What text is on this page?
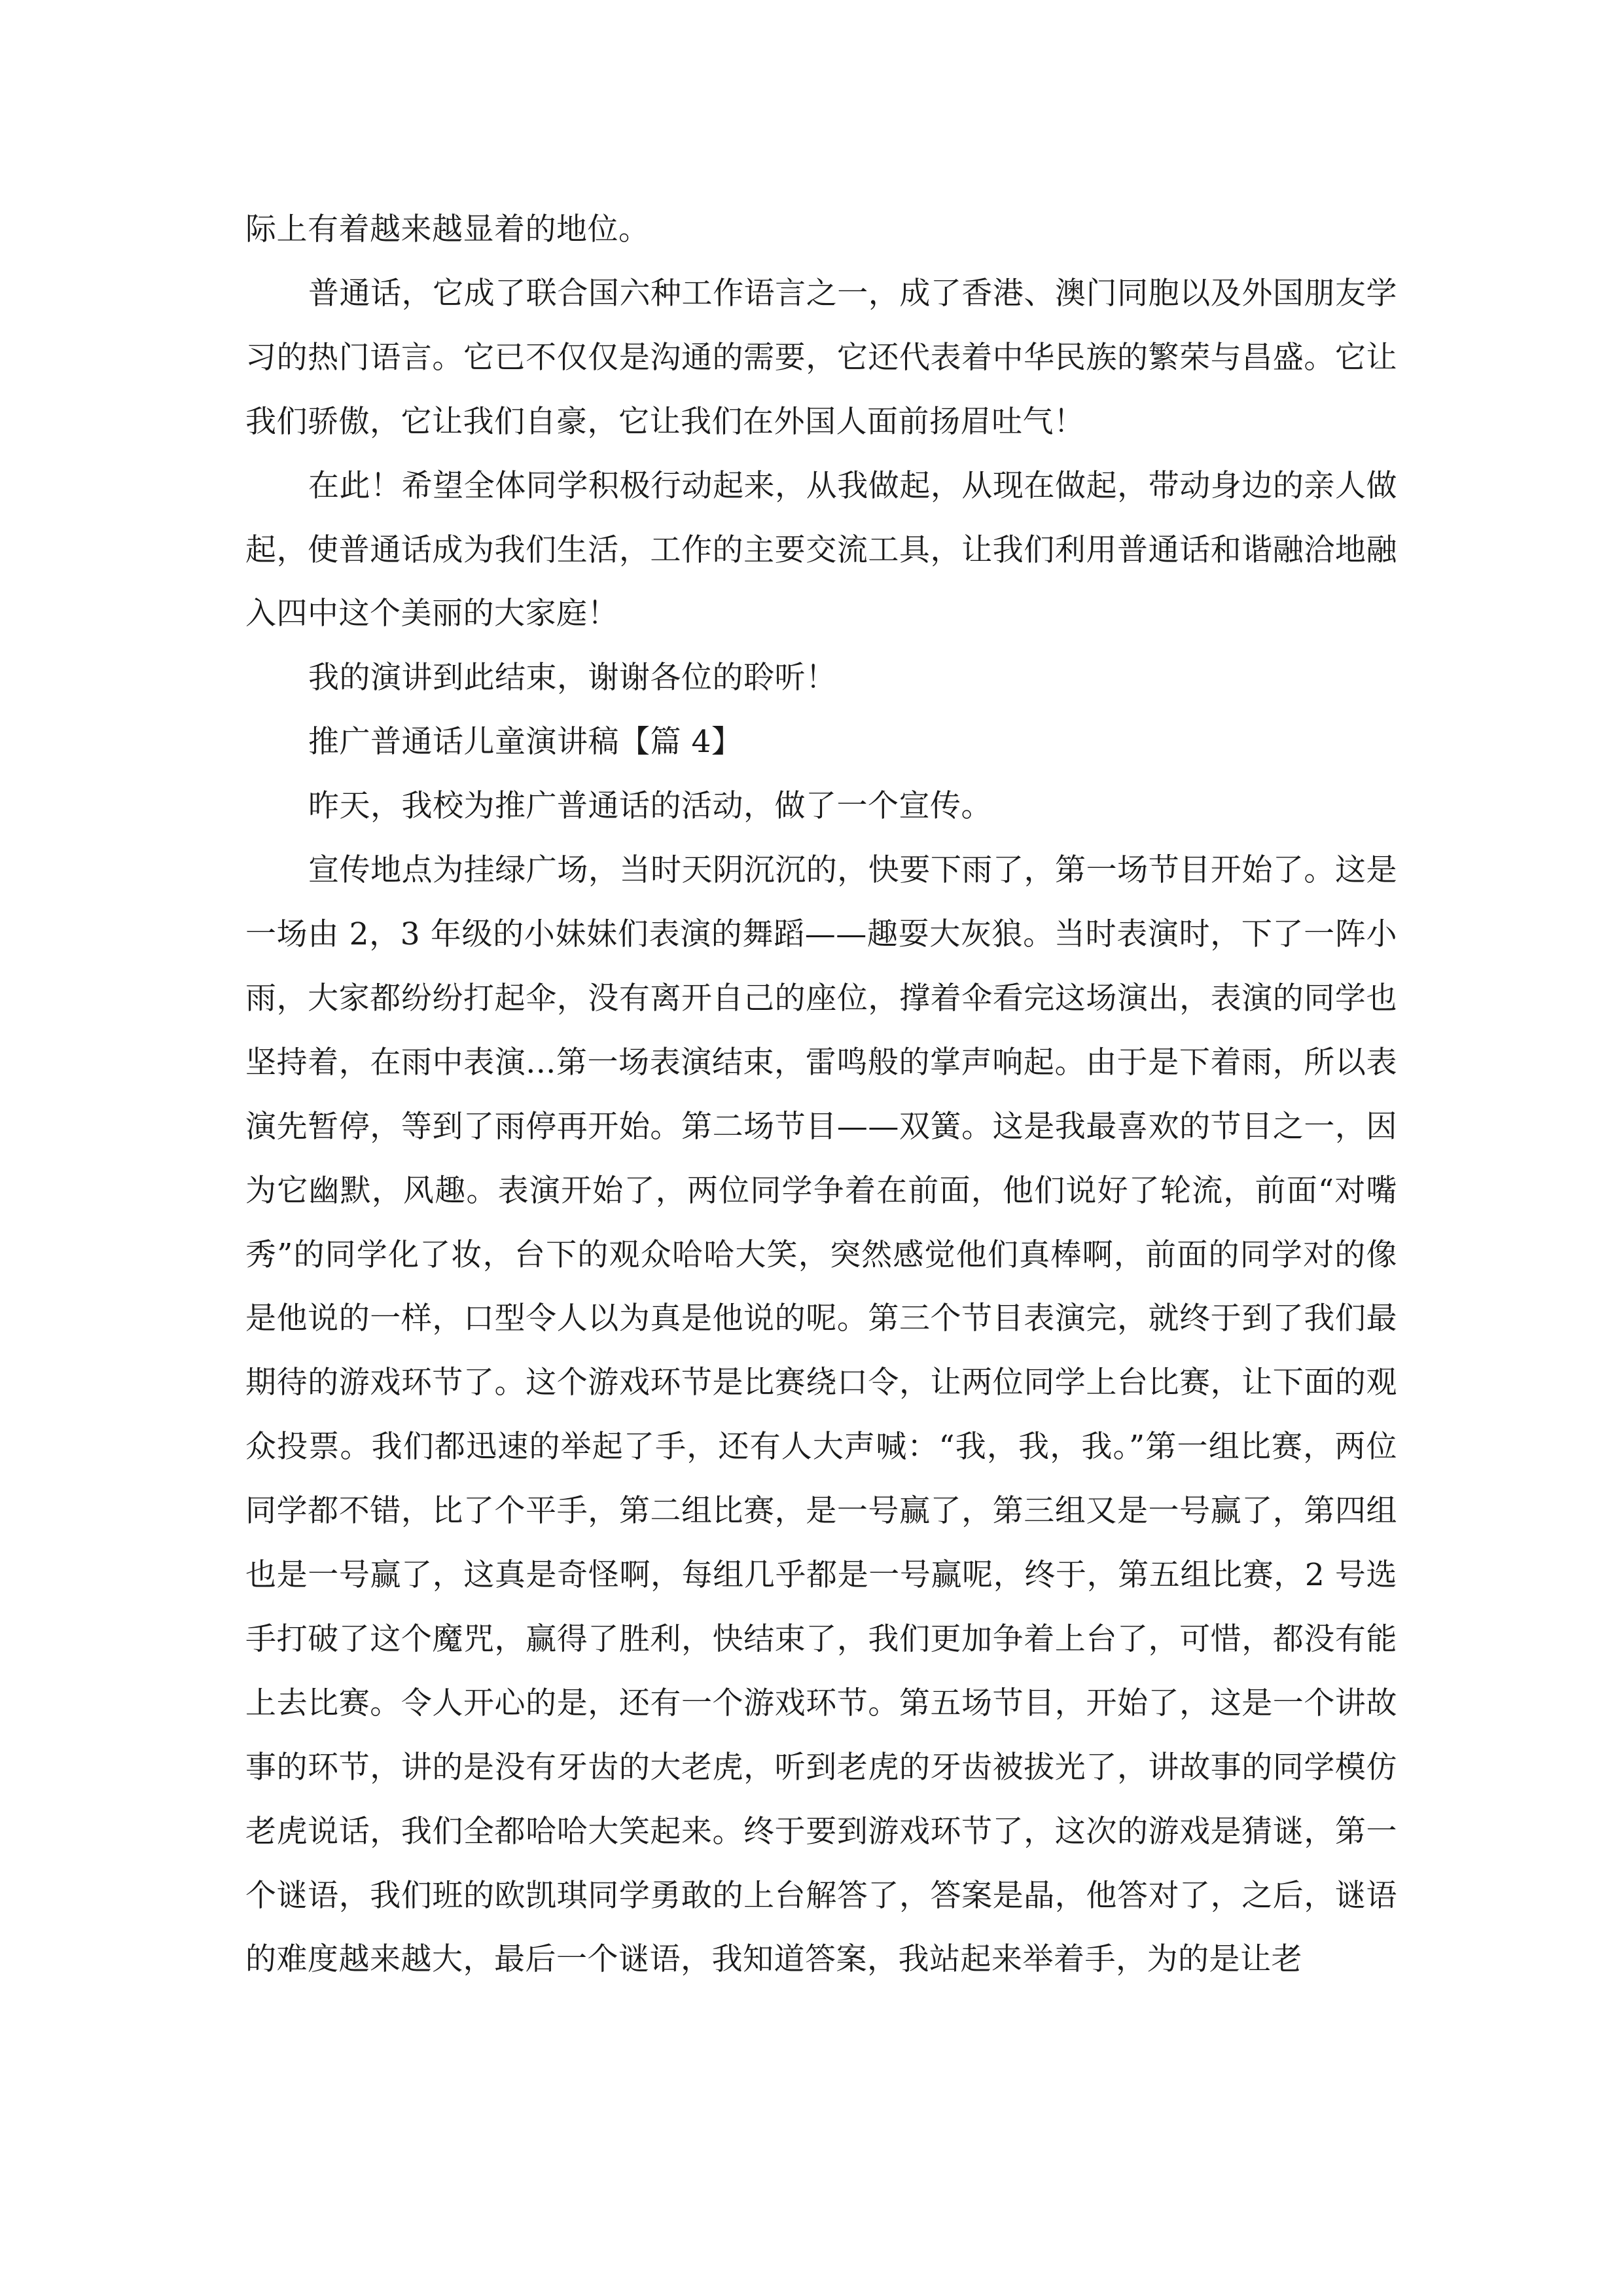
际上有着越来越显着的地位。

普通话，它成了联合国六种工作语言之一，成了香港、澳门同胞以及外国朋友学习的热门语言。它已不仅仅是沟通的需要，它还代表着中华民族的繁荣与昌盛。它让我们骄傲，它让我们自豪，它让我们在外国人面前扬眉吐气！

在此！希望全体同学积极行动起来，从我做起，从现在做起，带动身边的亲人做起，使普通话成为我们生活，工作的主要交流工具，让我们利用普通话和谐融洽地融入四中这个美丽的大家庭！

我的演讲到此结束，谢谢各位的聆听！

推广普通话儿童演讲稿【篇 4】

昨天，我校为推广普通话的活动，做了一个宣传。

宣传地点为挂绿广场，当时天阴沉沉的，快要下雨了，第一场节目开始了。这是一场由 2，3 年级的小妹妹们表演的舞蹈——趣耍大灰狼。当时表演时，下了一阵小雨，大家都纷纷打起伞，没有离开自己的座位，撑着伞看完这场演出，表演的同学也坚持着，在雨中表演...第一场表演结束，雷鸣般的掌声响起。由于是下着雨，所以表演先暂停，等到了雨停再开始。第二场节目——双簧。这是我最喜欢的节目之一，因为它幽默，风趣。表演开始了，两位同学争着在前面，他们说好了轮流，前面“对嘴秀”的同学化了妆，台下的观众哈哈大笑，突然感觉他们真棒啊，前面的同学对的像是他说的一样，口型令人以为真是他说的呢。第三个节目表演完，就终于到了我们最期待的游戏环节了。这个游戏环节是比赛绕口令，让两位同学上台比赛，让下面的观众投票。我们都迅速的举起了手，还有人大声喊：“我，我，我。”第一组比赛，两位同学都不错，比了个平手，第二组比赛，是一号赢了，第三组又是一号赢了，第四组也是一号赢了，这真是奇怪啊，每组几乎都是一号赢呢，终于，第五组比赛，2 号选手打破了这个魔咒，赢得了胜利，快结束了，我们更加争着上台了，可惜，都没有能上去比赛。令人开心的是，还有一个游戏环节。第五场节目，开始了，这是一个讲故事的环节，讲的是没有牙齿的大老虎，听到老虎的牙齿被拔光了，讲故事的同学模仿老虎说话，我们全都哈哈大笑起来。终于要到游戏环节了，这次的游戏是猜谜，第一个谜语，我们班的欧凯琪同学勇敢的上台解答了，答案是晶，他答对了，之后，谜语的难度越来越大，最后一个谜语，我知道答案，我站起来举着手，为的是让老
